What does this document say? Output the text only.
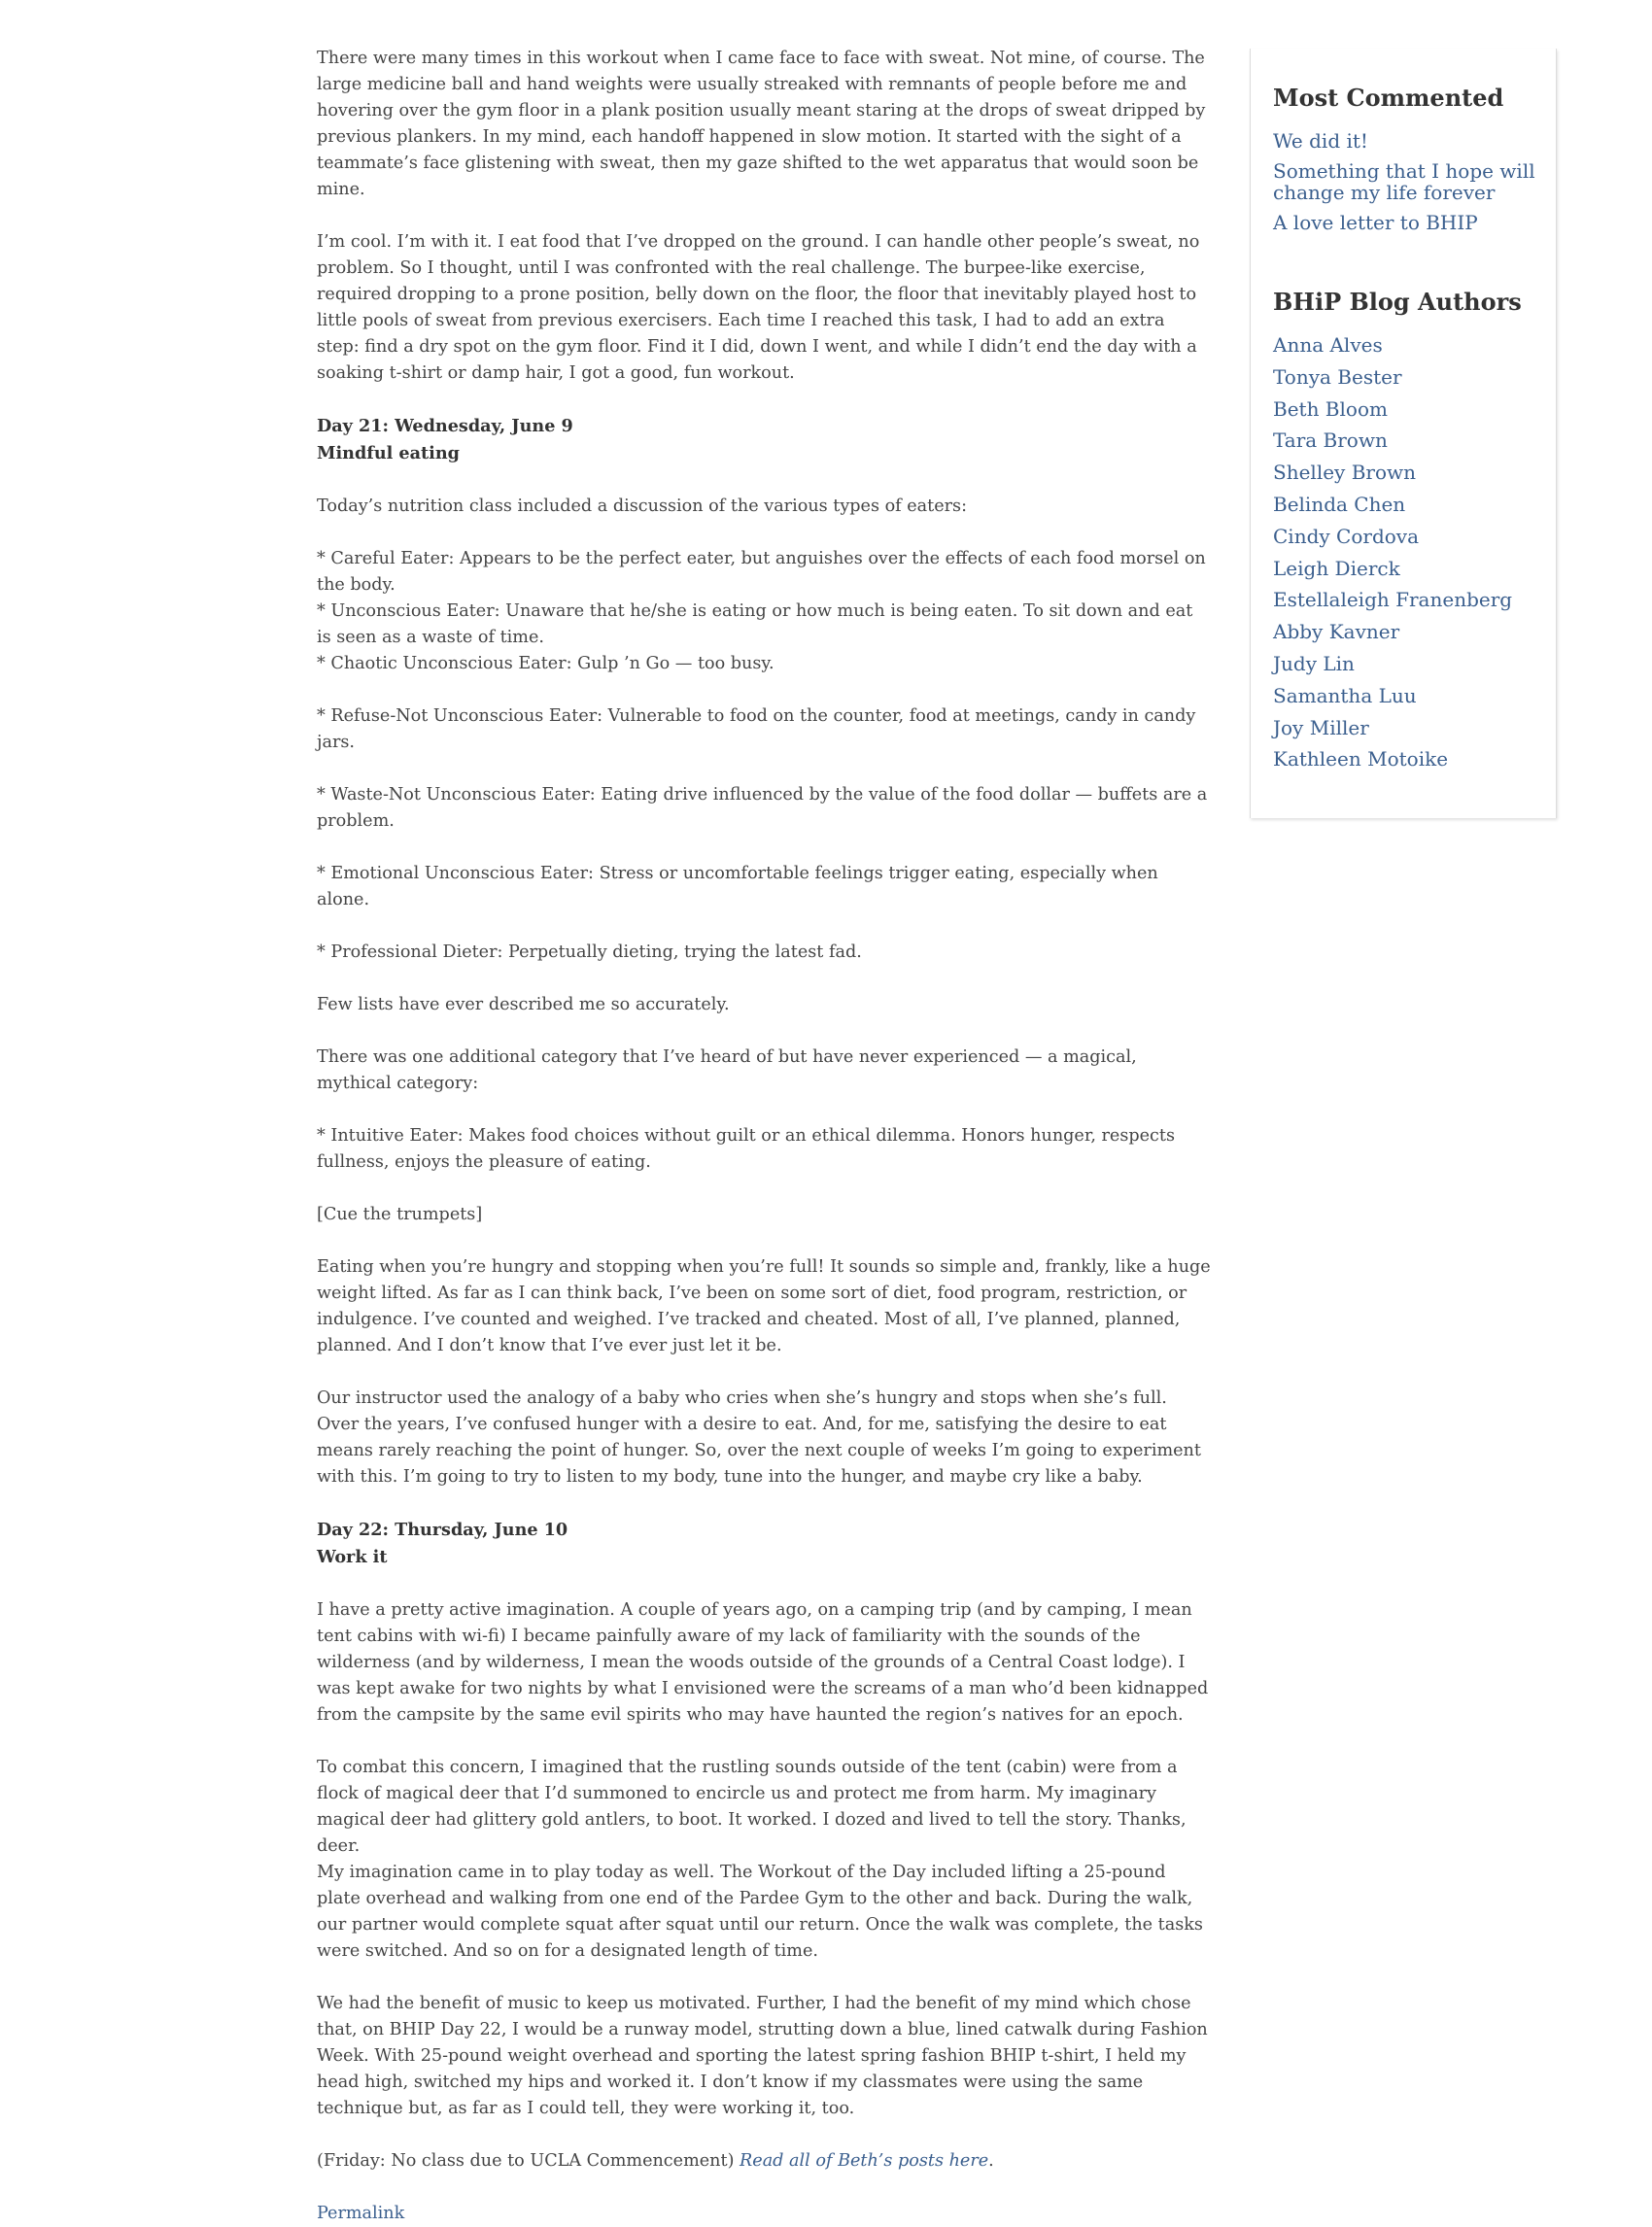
There were many times in this workout when I came face to face with sweat. Not mine, of course. The large medicine ball and hand weights were usually streaked with remnants of people before me and hovering over the gym floor in a plank position usually meant staring at the drops of sweat dripped by previous plankers. In my mind, each handoff happened in slow motion. It started with the sight of a teammate’s face glistening with sweat, then my gaze shifted to the wet apparatus that would soon be mine.

I’m cool. I’m with it. I eat food that I’ve dropped on the ground. I can handle other people’s sweat, no problem. So I thought, until I was confronted with the real challenge. The burpee-like exercise, required dropping to a prone position, belly down on the floor, the floor that inevitably played host to little pools of sweat from previous exercisers. Each time I reached this task, I had to add an extra step: find a dry spot on the gym floor. Find it I did, down I went, and while I didn’t end the day with a soaking t-shirt or damp hair, I got a good, fun workout.

Day 21: Wednesday, June 9
Mindful eating

Today’s nutrition class included a discussion of the various types of eaters:

* Careful Eater: Appears to be the perfect eater, but anguishes over the effects of each food morsel on the body.

* Unconscious Eater: Unaware that he/she is eating or how much is being eaten. To sit down and eat is seen as a waste of time.

* Chaotic Unconscious Eater: Gulp ’n Go — too busy.

* Refuse-Not Unconscious Eater: Vulnerable to food on the counter, food at meetings, candy in candy jars.

* Waste-Not Unconscious Eater: Eating drive influenced by the value of the food dollar — buffets are a problem.

* Emotional Unconscious Eater: Stress or uncomfortable feelings trigger eating, especially when alone.

* Professional Dieter: Perpetually dieting, trying the latest fad.

Few lists have ever described me so accurately.

There was one additional category that I’ve heard of but have never experienced — a magical, mythical category:

* Intuitive Eater: Makes food choices without guilt or an ethical dilemma. Honors hunger, respects fullness, enjoys the pleasure of eating.

[Cue the trumpets]

Eating when you’re hungry and stopping when you’re full! It sounds so simple and, frankly, like a huge weight lifted. As far as I can think back, I’ve been on some sort of diet, food program, restriction, or indulgence. I’ve counted and weighed. I’ve tracked and cheated. Most of all, I’ve planned, planned, planned. And I don’t know that I’ve ever just let it be.

Our instructor used the analogy of a baby who cries when she’s hungry and stops when she’s full. Over the years, I’ve confused hunger with a desire to eat. And, for me, satisfying the desire to eat means rarely reaching the point of hunger. So, over the next couple of weeks I’m going to experiment with this. I’m going to try to listen to my body, tune into the hunger, and maybe cry like a baby.

Day 22: Thursday, June 10
Work it

I have a pretty active imagination. A couple of years ago, on a camping trip (and by camping, I mean tent cabins with wi-fi) I became painfully aware of my lack of familiarity with the sounds of the wilderness (and by wilderness, I mean the woods outside of the grounds of a Central Coast lodge). I was kept awake for two nights by what I envisioned were the screams of a man who’d been kidnapped from the campsite by the same evil spirits who may have haunted the region’s natives for an epoch.

To combat this concern, I imagined that the rustling sounds outside of the tent (cabin) were from a flock of magical deer that I’d summoned to encircle us and protect me from harm. My imaginary magical deer had glittery gold antlers, to boot. It worked. I dozed and lived to tell the story. Thanks, deer.

My imagination came in to play today as well. The Workout of the Day included lifting a 25-pound plate overhead and walking from one end of the Pardee Gym to the other and back. During the walk, our partner would complete squat after squat until our return. Once the walk was complete, the tasks were switched. And so on for a designated length of time.

We had the benefit of music to keep us motivated. Further, I had the benefit of my mind which chose that, on BHIP Day 22, I would be a runway model, strutting down a blue, lined catwalk during Fashion Week. With 25-pound weight overhead and sporting the latest spring fashion BHIP t-shirt, I held my head high, switched my hips and worked it. I don’t know if my classmates were using the same technique but, as far as I could tell, they were working it, too.

(Friday: No class due to UCLA Commencement) Read all of Beth’s posts here.

Permalink
Most Commented
We did it!
Something that I hope will change my life forever
A love letter to BHIP
BHiP Blog Authors
Anna Alves
Tonya Bester
Beth Bloom
Tara Brown
Shelley Brown
Belinda Chen
Cindy Cordova
Leigh Dierck
Estellaleigh Franenberg
Abby Kavner
Judy Lin
Samantha Luu
Joy Miller
Kathleen Motoike
